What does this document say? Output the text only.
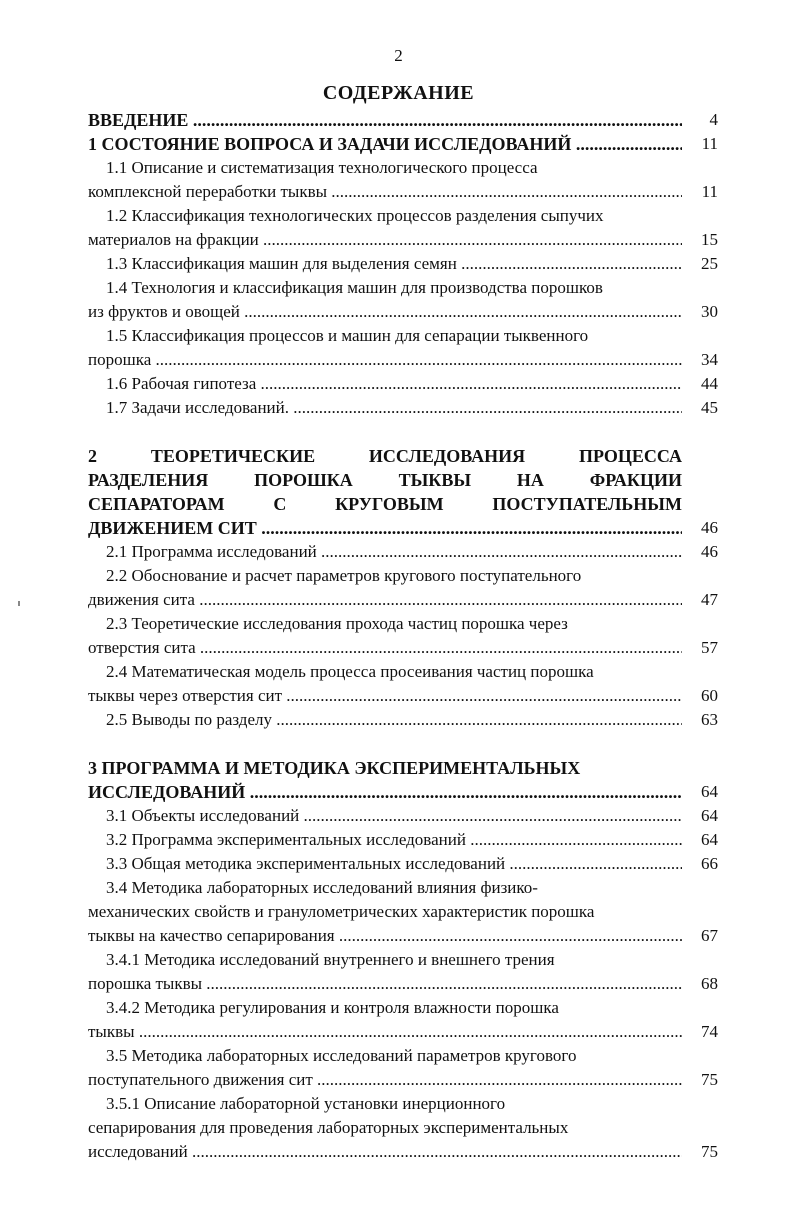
2
СОДЕРЖАНИЕ
ВВЕДЕНИЕ .....	4
1 СОСТОЯНИЕ ВОПРОСА И ЗАДАЧИ ИССЛЕДОВАНИЙ .....	11
1.1 Описание и систематизация технологического процесса
комплексной переработки тыквы .....	11
1.2 Классификация технологических процессов разделения сыпучих
материалов на фракции .....	15
1.3 Классификация машин для выделения семян .....	25
1.4 Технология и классификация машин для производства порошков
из фруктов и овощей .....	30
1.5 Классификация процессов и машин для сепарации тыквенного
порошка .....	34
1.6 Рабочая гипотеза .....	44
1.7 Задачи исследований. .....	45
2	ТЕОРЕТИЧЕСКИЕ	ИССЛЕДОВАНИЯ	ПРОЦЕССА
РАЗДЕЛЕНИЯ	ПОРОШКА	ТЫКВЫ	НА	ФРАКЦИИ
СЕПАРАТОРАМ	С	КРУГОВЫМ	ПОСТУПАТЕЛЬНЫМ
ДВИЖЕНИЕМ СИТ .....	46
2.1 Программа исследований .....	46
2.2 Обоснование и расчет параметров кругового поступательного
движения сита .....	47
2.3 Теоретические исследования прохода частиц порошка через
отверстия сита .....	57
2.4 Математическая модель процесса просеивания частиц порошка
тыквы через отверстия сит .....	60
2.5 Выводы по разделу .....	63
3 ПРОГРАММА И МЕТОДИКА ЭКСПЕРИМЕНТАЛЬНЫХ
ИССЛЕДОВАНИЙ .....	64
3.1 Объекты исследований .....	64
3.2 Программа экспериментальных исследований .....	64
3.3 Общая методика экспериментальных исследований .....	66
3.4 Методика лабораторных исследований влияния физико-
механических свойств и гранулометрических характеристик порошка
тыквы на качество сепарирования .....	67
3.4.1 Методика исследований внутреннего и внешнего трения
порошка тыквы .....	68
3.4.2 Методика регулирования и контроля влажности порошка
тыквы .....	74
3.5 Методика лабораторных исследований параметров кругового
поступательного движения сит .....	75
3.5.1 Описание лабораторной установки инерционного
сепарирования для проведения лабораторных экспериментальных
исследований .....	75
